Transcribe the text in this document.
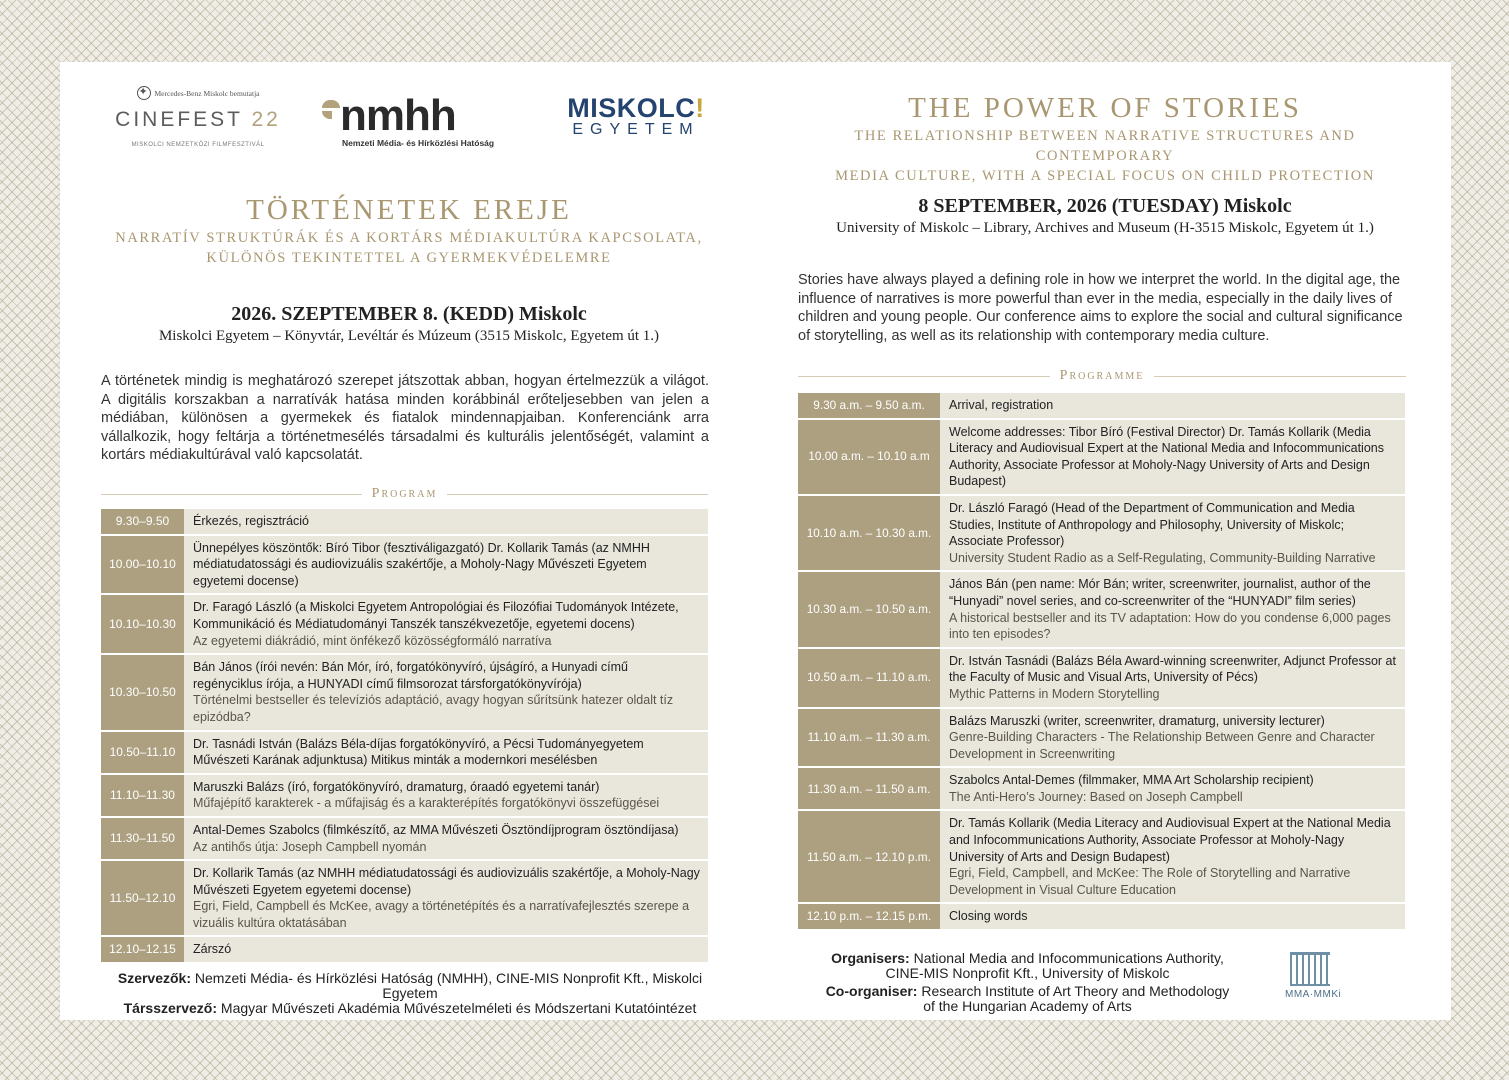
✦
Mercedes-Benz Miskolc bemutatja
CINEFEST 22
MISKOLCI NEMZETKÖZI FILMFESZTIVÁL
nmhh
Nemzeti Média- és Hírközlési Hatóság
MISKOLC!
EGYETEM
TÖRTÉNETEK EREJE
NARRATÍV STRUKTÚRÁK ÉS A KORTÁRS MÉDIAKULTÚRA KAPCSOLATA,
KÜLÖNÖS TEKINTETTEL A GYERMEKVÉDELEMRE
2026. SZEPTEMBER 8. (KEDD) Miskolc
Miskolci Egyetem – Könyvtár, Levéltár és Múzeum (3515 Miskolc, Egyetem út 1.)

A történetek mindig is meghatározó szerepet játszottak abban, hogyan értelmezzük a világot. A digitális korszakban a narratívák hatása minden korábbinál erőteljesebben van jelen a médiában, különösen a gyermekek és fiatalok mindennapjaiban. Konferenciánk arra vállalkozik, hogy feltárja a történetmesélés társadalmi és kulturális jelentőségét, valamint a kortárs médiakultúrával való kapcsolatát.

Program
9.30–9.50	Érkezés, regisztráció

10.00–10.10	Ünnepélyes köszöntők: Bíró Tibor (fesztiváligazgató) Dr. Kollarik Tamás (az NMHH médiatudatossági és audiovizuális szakértője, a Moholy-Nagy Művészeti Egyetem egyetemi docense)

10.10–10.30	Dr. Faragó László (a Miskolci Egyetem Antropológiai és Filozófiai Tudományok Intézete, Kommunikáció és Médiatudományi Tanszék tanszékvezetője, egyetemi docens)
Az egyetemi diákrádió, mint önfékező közösségformáló narratíva

10.30–10.50	Bán János (írói nevén: Bán Mór, író, forgatókönyvíró, újságíró, a Hunyadi című regényciklus írója, a HUNYADI című filmsorozat társforgatókönyvírója)
Történelmi bestseller és televíziós adaptáció, avagy hogyan sűrítsünk hatezer oldalt tíz epizódba?

10.50–11.10	Dr. Tasnádi István (Balázs Béla-díjas forgatókönyvíró, a Pécsi Tudományegyetem Művészeti Karának adjunktusa) Mitikus minták a modernkori mesélésben

11.10–11.30	Maruszki Balázs (író, forgatókönyvíró, dramaturg, óraadó egyetemi tanár)
Műfajépítő karakterek - a műfajiság és a karakterépítés forgatókönyvi összefüggései

11.30–11.50	Antal-Demes Szabolcs (filmkészítő, az MMA Művészeti Ösztöndíjprogram ösztöndíjasa)
Az antihős útja: Joseph Campbell nyomán

11.50–12.10	Dr. Kollarik Tamás (az NMHH médiatudatossági és audiovizuális szakértője, a Moholy-Nagy Művészeti Egyetem egyetemi docense)
Egri, Field, Campbell és McKee, avagy a történetépítés és a narratívafejlesztés szerepe a vizuális kultúra oktatásában

12.10–12.15	Zárszó
Szervezők: Nemzeti Média- és Hírközlési Hatóság (NMHH), CINE-MIS Nonprofit Kft., Miskolci Egyetem
Társszervező: Magyar Művészeti Akadémia Művészetelméleti és Módszertani Kutatóintézet
THE POWER OF STORIES
THE RELATIONSHIP BETWEEN NARRATIVE STRUCTURES AND CONTEMPORARY
MEDIA CULTURE, WITH A SPECIAL FOCUS ON CHILD PROTECTION
8 SEPTEMBER, 2026 (TUESDAY) Miskolc
University of Miskolc – Library, Archives and Museum (H-3515 Miskolc, Egyetem út 1.)

Stories have always played a defining role in how we interpret the world. In the digital age, the influence of narratives is more powerful than ever in the media, especially in the daily lives of children and young people. Our conference aims to explore the social and cultural significance of storytelling, as well as its relationship with contemporary media culture.

Programme
9.30 a.m. – 9.50 a.m.	Arrival, registration

10.00 a.m. – 10.10 a.m	Welcome addresses: Tibor Bíró (Festival Director) Dr. Tamás Kollarik (Media Literacy and Audiovisual Expert at the National Media and Infocommunications Authority, Associate Professor at Moholy-Nagy University of Arts and Design Budapest)

10.10 a.m. – 10.30 a.m.	Dr. László Faragó (Head of the Department of Communication and Media Studies, Institute of Anthropology and Philosophy, University of Miskolc; Associate Professor)
University Student Radio as a Self-Regulating, Community-Building Narrative

10.30 a.m. – 10.50 a.m.	János Bán (pen name: Mór Bán; writer, screenwriter, journalist, author of the “Hunyadi” novel series, and co-screenwriter of the “HUNYADI” film series)
A historical bestseller and its TV adaptation: How do you condense 6,000 pages into ten episodes?

10.50 a.m. – 11.10 a.m.	Dr. István Tasnádi (Balázs Béla Award-winning screenwriter, Adjunct Professor at the Faculty of Music and Visual Arts, University of Pécs)
Mythic Patterns in Modern Storytelling

11.10 a.m. – 11.30 a.m.	Balázs Maruszki (writer, screenwriter, dramaturg, university lecturer)
Genre-Building Characters - The Relationship Between Genre and Character Development in Screenwriting

11.30 a.m. – 11.50 a.m.	Szabolcs Antal-Demes (filmmaker, MMA Art Scholarship recipient)
The Anti-Hero’s Journey: Based on Joseph Campbell

11.50 a.m. – 12.10 p.m.	Dr. Tamás Kollarik (Media Literacy and Audiovisual Expert at the National Media and Infocommunications Authority, Associate Professor at Moholy-Nagy University of Arts and Design Budapest)
Egri, Field, Campbell, and McKee: The Role of Storytelling and Narrative Development in Visual Culture Education

12.10 p.m. – 12.15 p.m.	Closing words
Organisers: National Media and Infocommunications Authority,
CINE-MIS Nonprofit Kft., University of Miskolc
Co-organiser: Research Institute of Art Theory and Methodology
of the Hungarian Academy of Arts
MMA·MMKi
